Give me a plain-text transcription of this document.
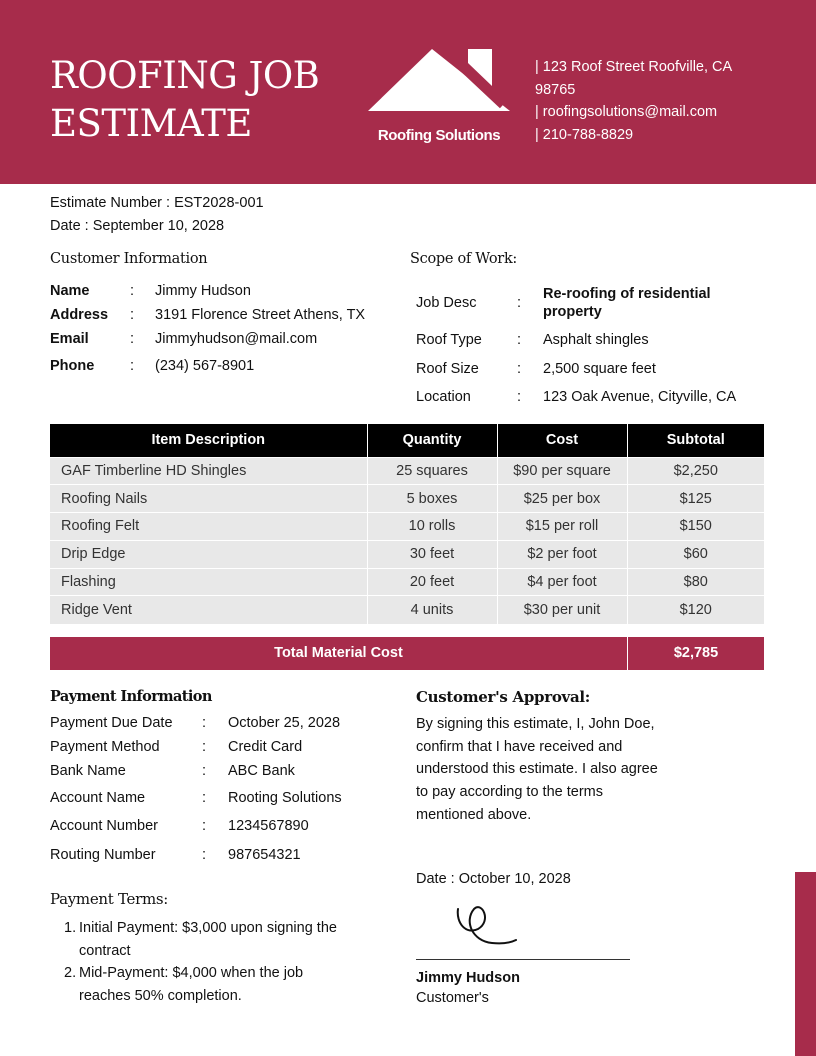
ROOFING JOB
ESTIMATE	Roofing Solutions
| 123 Roof Street Roofville, CA
98765
| roofingsolutions@mail.com
| 210-788-8829
Estimate Number : EST2028-001
Date : September 10, 2028
Customer Information
Name	: Jimmy Hudson
Address : 3191 Florence Street Athens, TX
Email	: Jimmyhudson@mail.com
Phone : (234) 567-8901
Scope of Work:
Job Desc	:
Re-roofing of residential
property
Roof Type : Asphalt shingles
Roof Size	: 2,500 square feet
Location	: 123 Oak Avenue, Cityville, CA
Item Description	Quantity	Cost	Subtotal
GAF Timberline HD Shingles	25 squares	$90 per square	$2,250
Roofing Nails	5 boxes	$25 per box	$125
Roofing Felt	10 rolls	$15 per roll	$150
Drip Edge	30 feet	$2 per foot	$60
Flashing	20 feet	$4 per foot	$80
Ridge Vent	4 units	$30 per unit	$120
Total Material Cost	$2,785
Payment Information
Payment Due Date : October 25, 2028
Payment Method	: Credit Card
Bank Name	: ABC Bank
Account Name	: Rooting Solutions
Account Number	: 1234567890
Routing Number	: 987654321
Payment Terms:
1. Initial Payment: $3,000 upon signing the
contract
2. Mid-Payment: $4,000 when the job
reaches 50% completion.
Customer's Approval:
By signing this estimate, I, John Doe,
confirm that I have received and
understood this estimate. I also agree
to pay according to the terms
mentioned above.
Date : October 10, 2028
Jimmy Hudson
Customer's
